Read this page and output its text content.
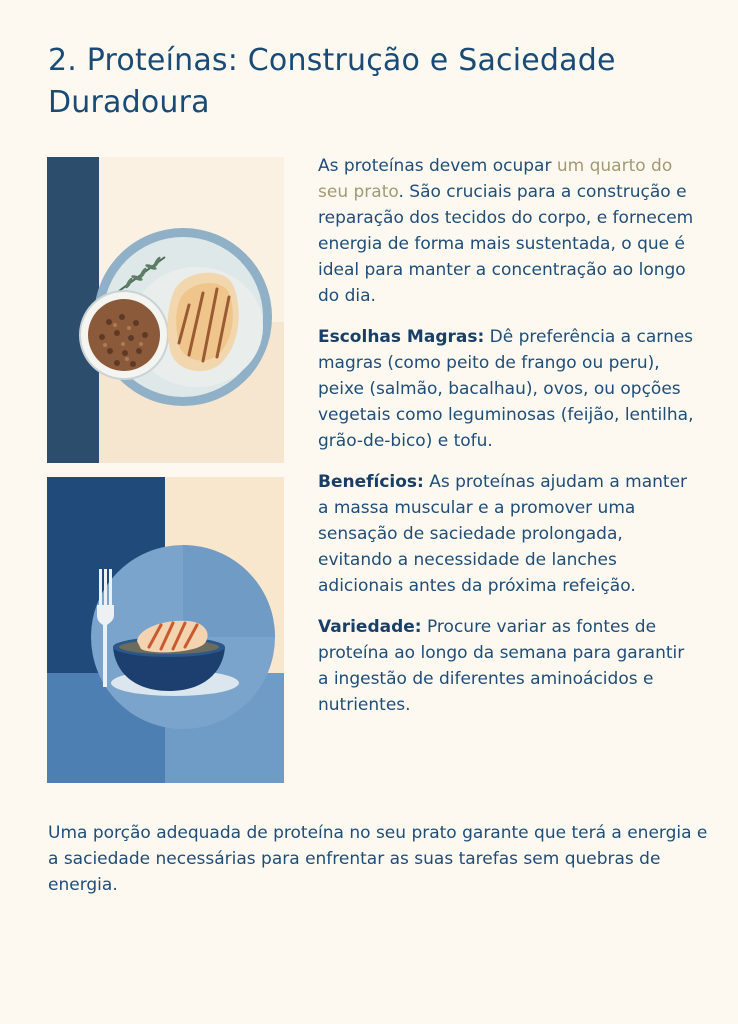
2. Proteínas: Construção e Saciedade Duradoura

As proteínas devem ocupar um quarto do seu prato. São cruciais para a construção e reparação dos tecidos do corpo, e fornecem energia de forma mais sustentada, o que é ideal para manter a concentração ao longo do dia.

Escolhas Magras: Dê preferência a carnes magras (como peito de frango ou peru), peixe (salmão, bacalhau), ovos, ou opções vegetais como leguminosas (feijão, lentilha, grão-de-bico) e tofu.

Benefícios: As proteínas ajudam a manter a massa muscular e a promover uma sensação de saciedade prolongada, evitando a necessidade de lanches adicionais antes da próxima refeição.

Variedade: Procure variar as fontes de proteína ao longo da semana para garantir a ingestão de diferentes aminoácidos e nutrientes.

Uma porção adequada de proteína no seu prato garante que terá a energia e a saciedade necessárias para enfrentar as suas tarefas sem quebras de energia.
